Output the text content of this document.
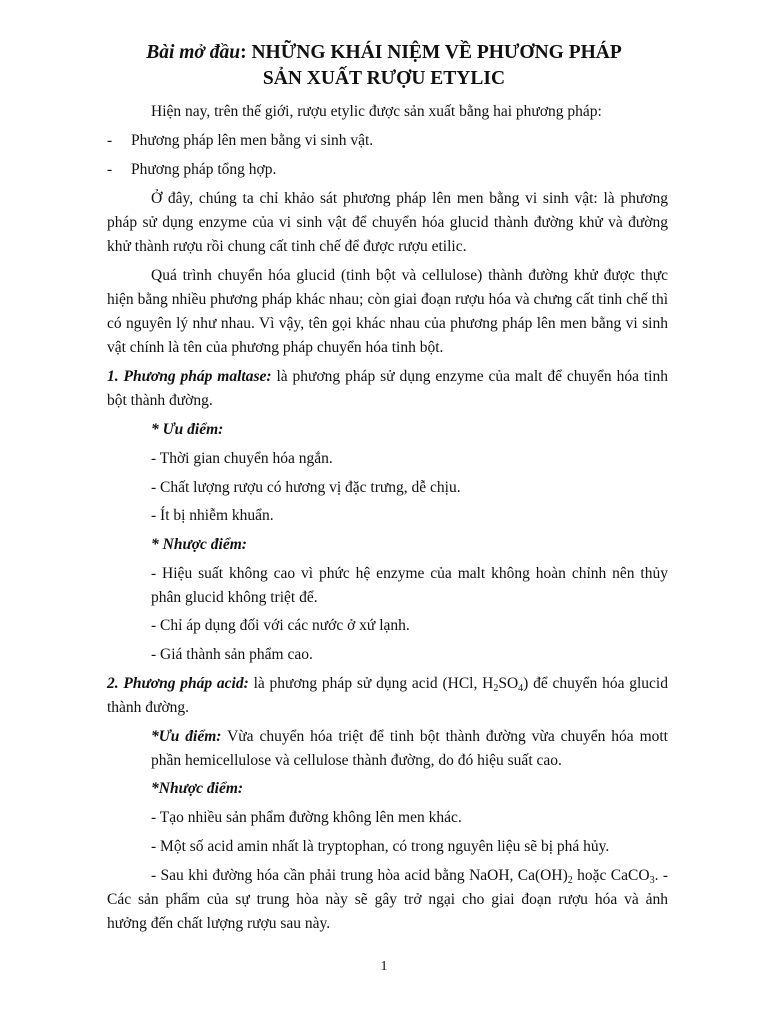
Bài mở đầu: NHỮNG KHÁI NIỆM VỀ PHƯƠNG PHÁP
SẢN XUẤT RƯỢU ETYLIC
Hiện nay, trên thế giới, rượu etylic được sản xuất bằng hai phương pháp:
- Phương pháp lên men bằng vi sinh vật.
- Phương pháp tổng hợp.
Ở đây, chúng ta chỉ khảo sát phương pháp lên men bằng vi sinh vật: là phương
pháp sử dụng enzyme của vi sinh vật để chuyển hóa glucid thành đường khử và đường
khử thành rượu rồi chung cất tinh chế để được rượu etilic.
Quá trình chuyển hóa glucid (tinh bột và cellulose) thành đường khử được thực
hiện bằng nhiều phương pháp khác nhau; còn giai đoạn rượu hóa và chưng cất tinh chế thì
có nguyên lý như nhau. Vì vậy, tên gọi khác nhau của phương pháp lên men bằng vi sinh
vật chính là tên của phương pháp chuyển hóa tinh bột.
1. Phương pháp maltase: là phương pháp sử dụng enzyme của malt để chuyển hóa tinh
bột thành đường.
* Ưu điểm:
- Thời gian chuyển hóa ngắn.
- Chất lượng rượu có hương vị đặc trưng, dễ chịu.
- Ít bị nhiễm khuẩn.
* Nhược điểm:
- Hiệu suất không cao vì phức hệ enzyme của malt không hoàn chỉnh nên thủy
phân glucid không triệt để.
- Chỉ áp dụng đối với các nước ở xứ lạnh.
- Giá thành sản phẩm cao.
2. Phương pháp acid: là phương pháp sử dụng acid (HCl, $H_2SO_4$) để chuyển hóa glucid
thành đường.
*Ưu điểm: Vừa chuyển hóa triệt để tinh bột thành đường vừa chuyển hóa mott
phần hemicellulose và cellulose thành đường, do đó hiệu suất cao.
*Nhược điểm:
- Tạo nhiều sản phẩm đường không lên men khác.
- Một số acid amin nhất là tryptophan, có trong nguyên liệu sẽ bị phá hủy.
- Sau khi đường hóa cần phải trung hòa acid bằng NaOH, $Ca(OH)_2$ hoặc CaCO$_3$. -
Các sản phẩm của sự trung hòa này sẽ gây trở ngại cho giai đoạn rượu hóa và ảnh
hưởng đến chất lượng rượu sau này.
1
